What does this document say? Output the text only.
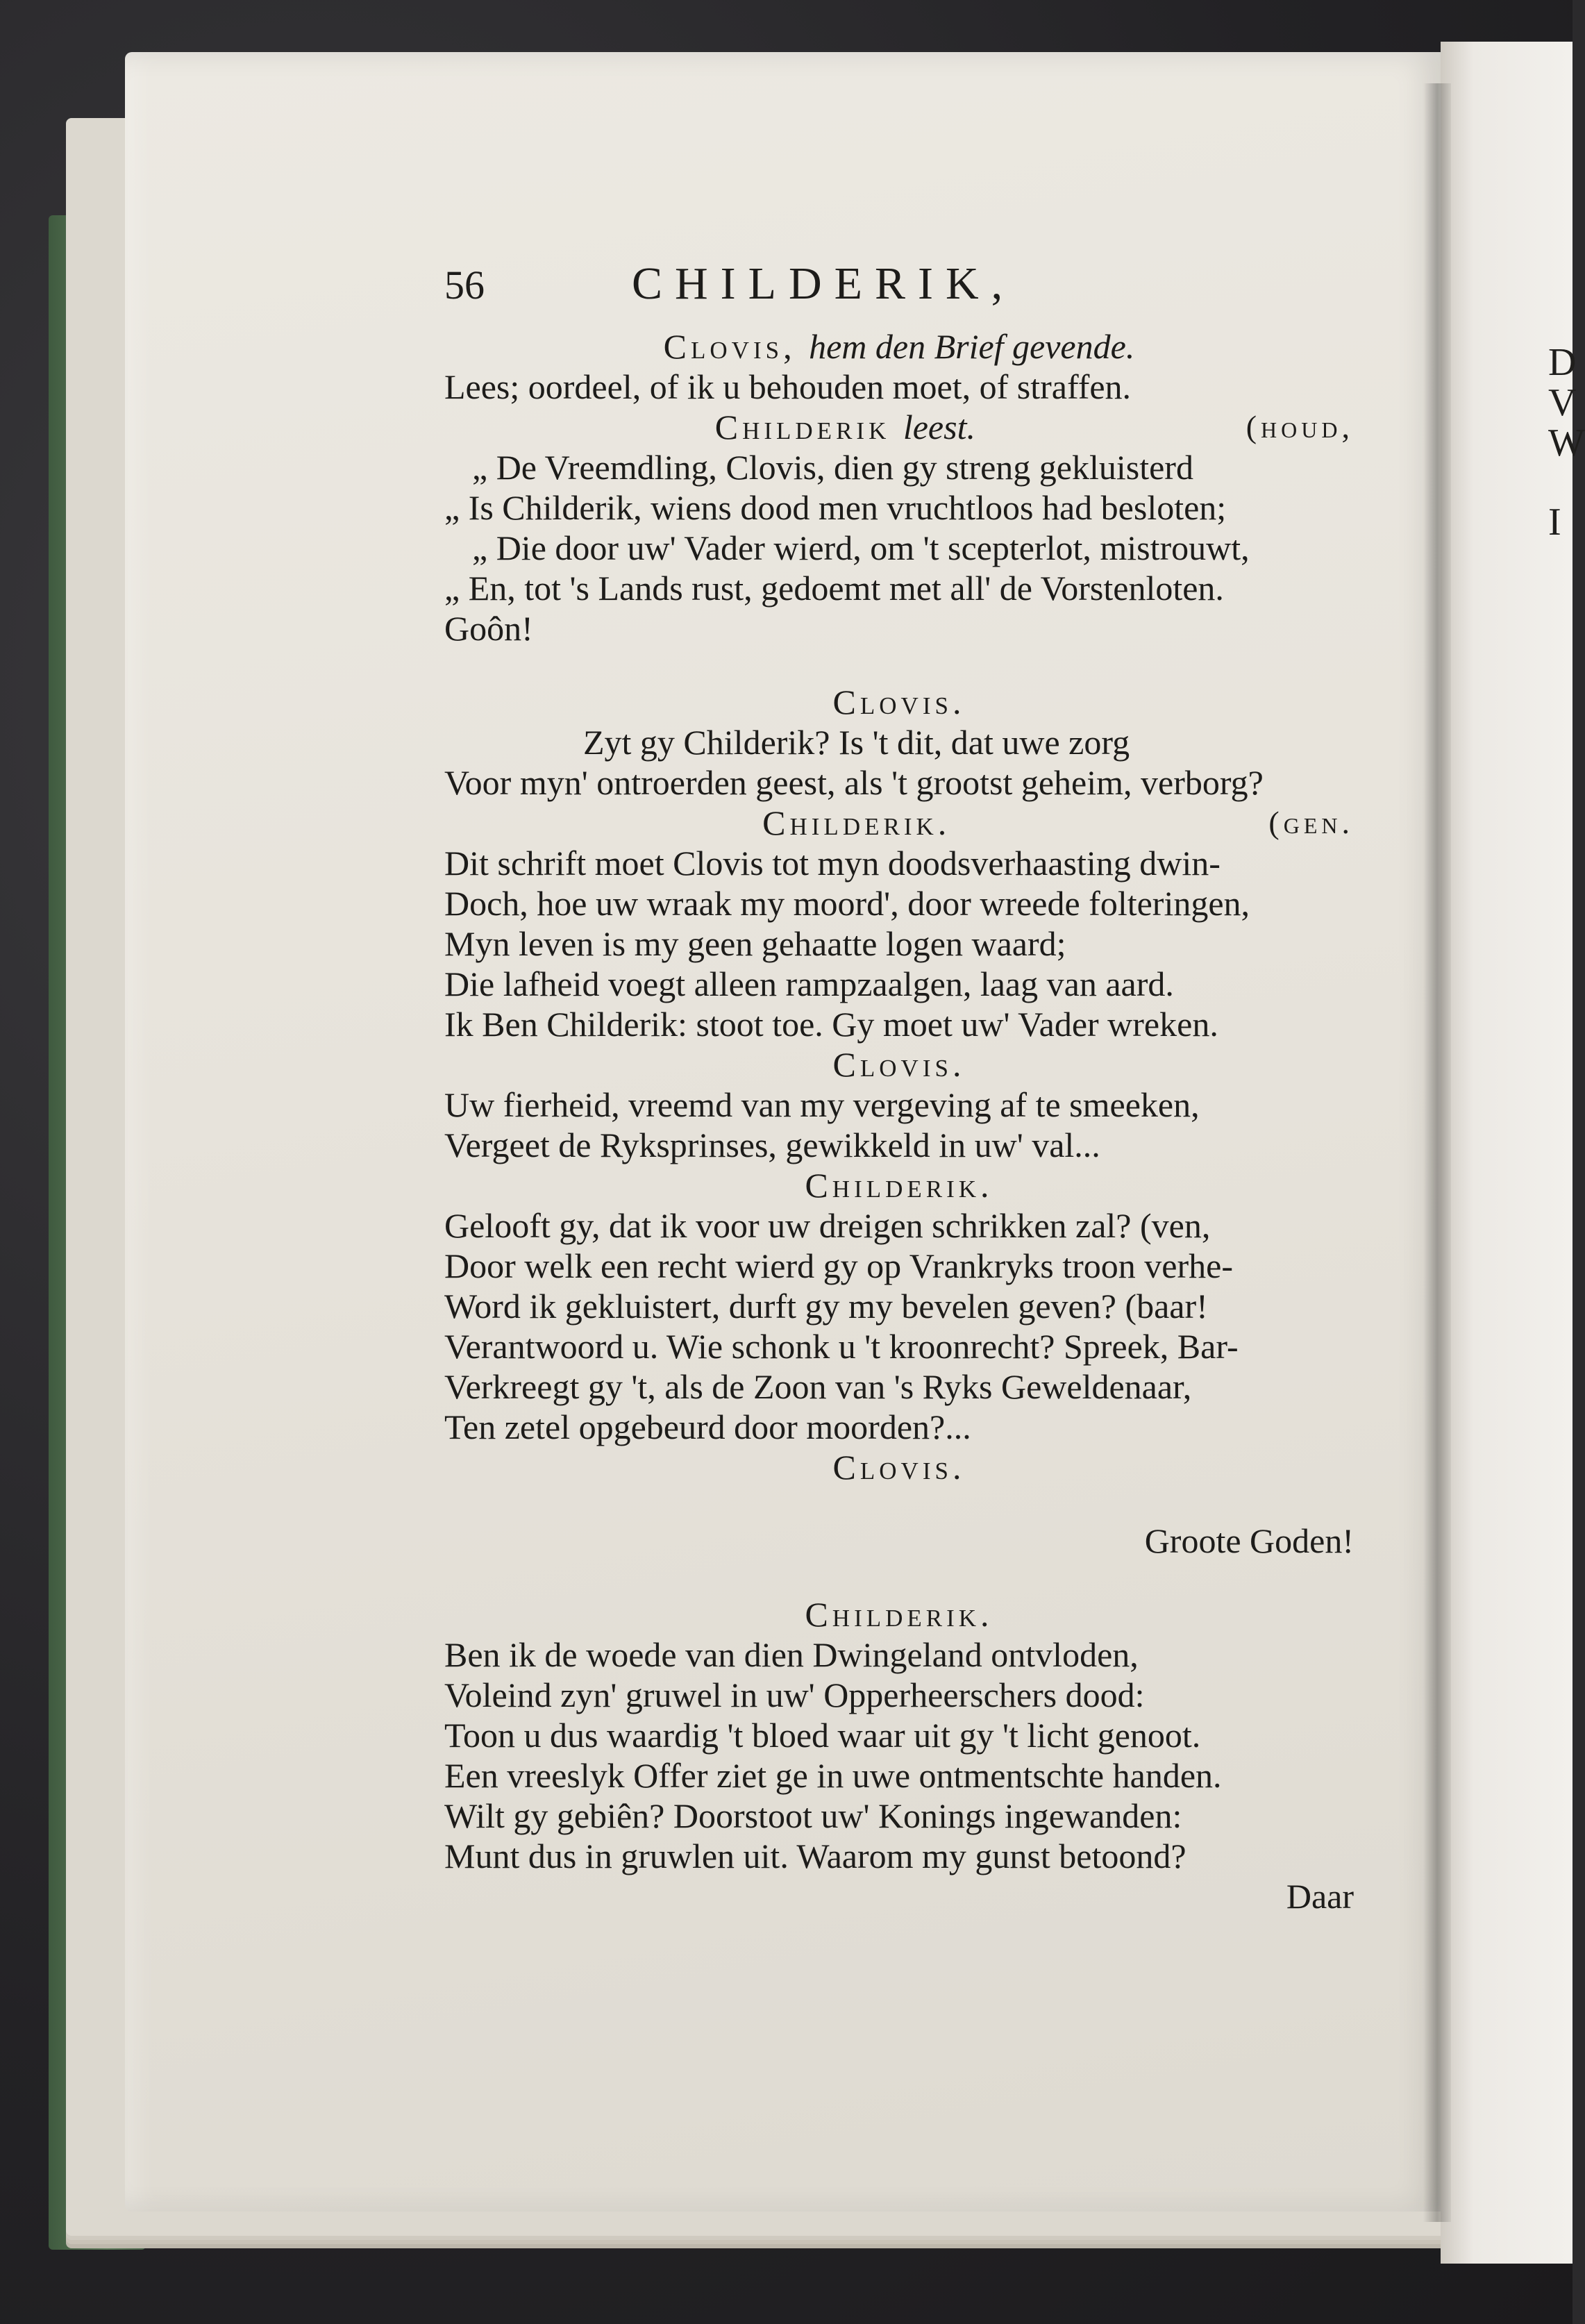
D
V
W
I
56	CHILDERIK,
Clovis, hem den Brief gevende.
Lees; oordeel, of ik u behouden moet, of straffen.
Childerik leest.	(houd,
„ De Vreemdling, Clovis, dien gy streng gekluisterd
„ Is Childerik, wiens dood men vruchtloos had besloten;
„ Die door uw' Vader wierd, om 't scepterlot, mistrouwt,
„ En, tot 's Lands rust, gedoemt met all' de Vorstenloten.
Goôn!
Clovis.
Zyt gy Childerik? Is 't dit, dat uwe zorg
Voor myn' ontroerden geest, als 't grootst geheim, verborg?
Childerik.	(gen.
Dit schrift moet Clovis tot myn doodsverhaasting dwin-
Doch, hoe uw wraak my moord', door wreede folteringen,
Myn leven is my geen gehaatte logen waard;
Die lafheid voegt alleen rampzaalgen, laag van aard.
Ik Ben Childerik: stoot toe. Gy moet uw' Vader wreken.
Clovis.
Uw fierheid, vreemd van my vergeving af te smeeken,
Vergeet de Ryksprinses, gewikkeld in uw' val...
Childerik.
Gelooft gy, dat ik voor uw dreigen schrikken zal? (ven,
Door welk een recht wierd gy op Vrankryks troon verhe-
Word ik gekluistert, durft gy my bevelen geven? (baar!
Verantwoord u. Wie schonk u 't kroonrecht? Spreek, Bar-
Verkreegt gy 't, als de Zoon van 's Ryks Geweldenaar,
Ten zetel opgebeurd door moorden?...
Clovis.
Groote Goden!
Childerik.
Ben ik de woede van dien Dwingeland ontvloden,
Voleind zyn' gruwel in uw' Opperheerschers dood:
Toon u dus waardig 't bloed waar uit gy 't licht genoot.
Een vreeslyk Offer ziet ge in uwe ontmentschte handen.
Wilt gy gebiên? Doorstoot uw' Konings ingewanden:
Munt dus in gruwlen uit. Waarom my gunst betoond?
Daar
